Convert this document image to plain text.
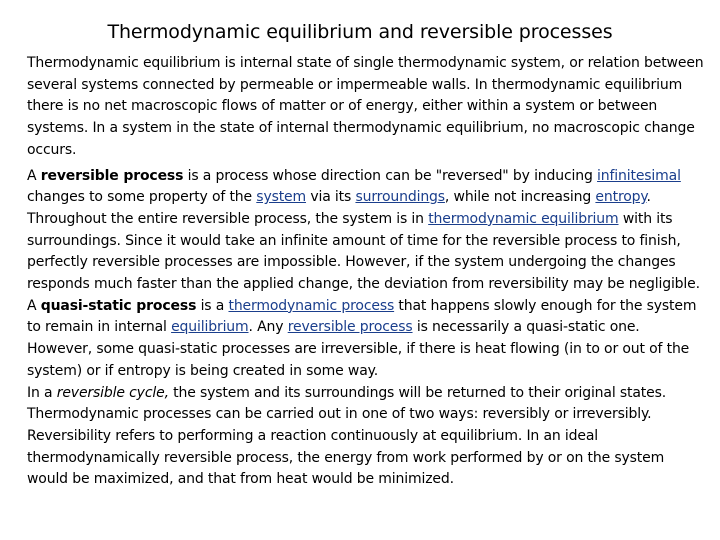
Thermodynamic equilibrium and reversible processes

Thermodynamic equilibrium is internal state of single thermodynamic system, or relation between several systems connected by permeable or impermeable walls. In thermodynamic equilibrium there is no net macroscopic flows of matter or of energy, either within a system or between systems. In a system in the state of internal thermodynamic equilibrium, no macroscopic change occurs.

A reversible process is a process whose direction can be "reversed" by inducing infinitesimal changes to some property of the system via its surroundings, while not increasing entropy. Throughout the entire reversible process, the system is in thermodynamic equilibrium with its surroundings. Since it would take an infinite amount of time for the reversible process to finish, perfectly reversible processes are impossible. However, if the system undergoing the changes responds much faster than the applied change, the deviation from reversibility may be negligible. A quasi-static process is a thermodynamic process that happens slowly enough for the system to remain in internal equilibrium. Any reversible process is necessarily a quasi-static one. However, some quasi-static processes are irreversible, if there is heat flowing (in to or out of the system) or if entropy is being created in some way.
In a reversible cycle, the system and its surroundings will be returned to their original states. Thermodynamic processes can be carried out in one of two ways: reversibly or irreversibly. Reversibility refers to performing a reaction continuously at equilibrium. In an ideal thermodynamically reversible process, the energy from work performed by or on the system would be maximized, and that from heat would be minimized.
